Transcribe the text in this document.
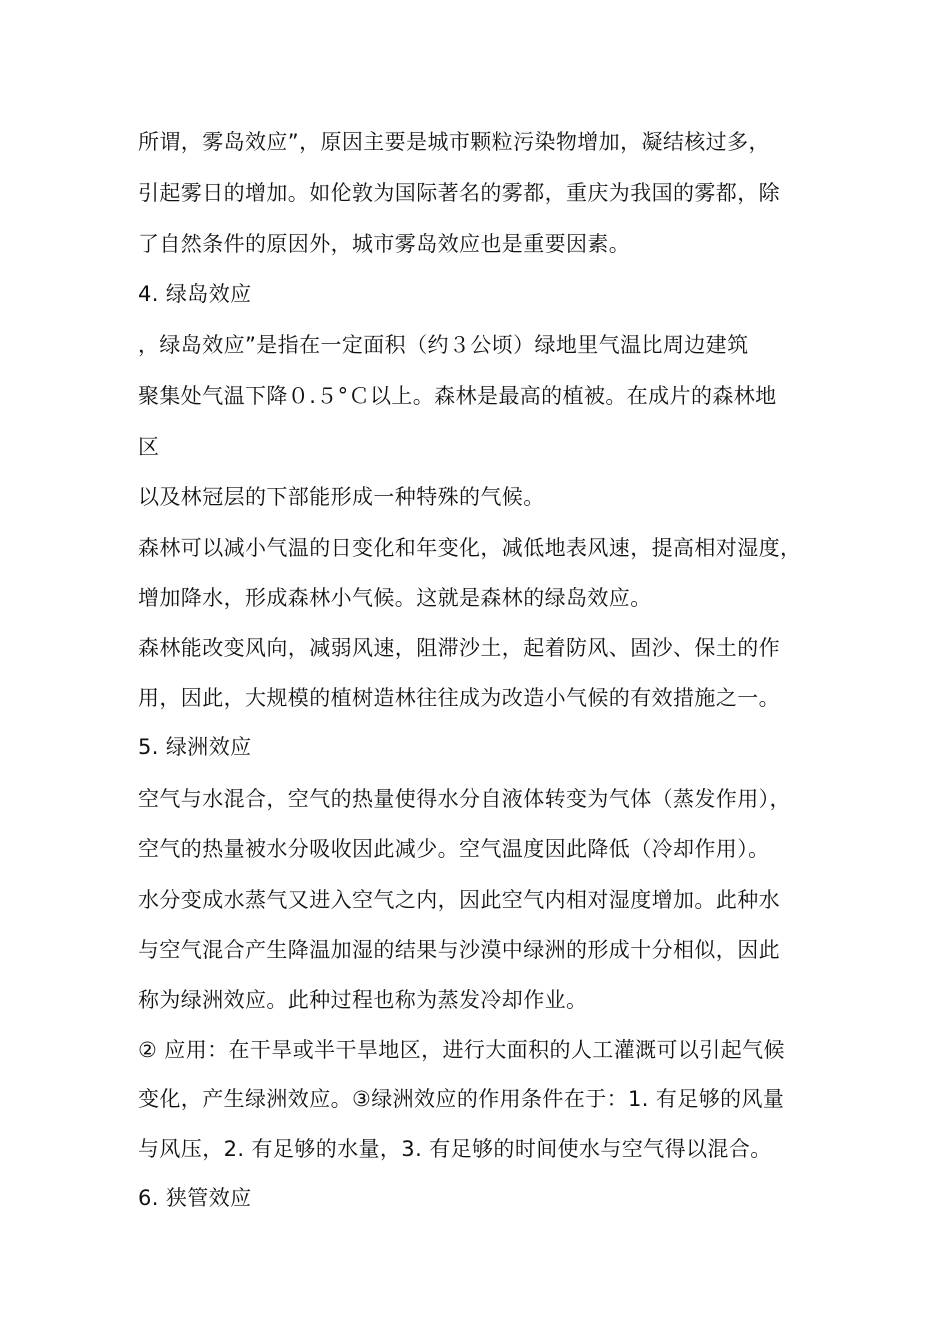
所谓，雾岛效应”，原因主要是城市颗粒污染物增加，凝结核过多，
引起雾日的增加。如伦敦为国际著名的雾都，重庆为我国的雾都，除
了自然条件的原因外，城市雾岛效应也是重要因素。
4. 绿岛效应
，绿岛效应”是指在一定面积（约３公顷）绿地里气温比周边建筑
聚集处气温下降０.５°Ｃ以上。森林是最高的植被。在成片的森林地
区
以及林冠层的下部能形成一种特殊的气候。
森林可以减小气温的日变化和年变化，减低地表风速，提高相对湿度，
增加降水，形成森林小气候。这就是森林的绿岛效应。
森林能改变风向，减弱风速，阻滞沙土，起着防风、固沙、保土的作
用，因此，大规模的植树造林往往成为改造小气候的有效措施之一。
5. 绿洲效应
空气与水混合，空气的热量使得水分自液体转变为气体（蒸发作用），
空气的热量被水分吸收因此减少。空气温度因此降低（冷却作用）。
水分变成水蒸气又进入空气之内，因此空气内相对湿度增加。此种水
与空气混合产生降温加湿的结果与沙漠中绿洲的形成十分相似，因此
称为绿洲效应。此种过程也称为蒸发冷却作业。
② 应用：在干旱或半干旱地区，进行大面积的人工灌溉可以引起气候
变化，产生绿洲效应。③绿洲效应的作用条件在于：1. 有足够的风量
与风压，2. 有足够的水量，3. 有足够的时间使水与空气得以混合。
6. 狭管效应
